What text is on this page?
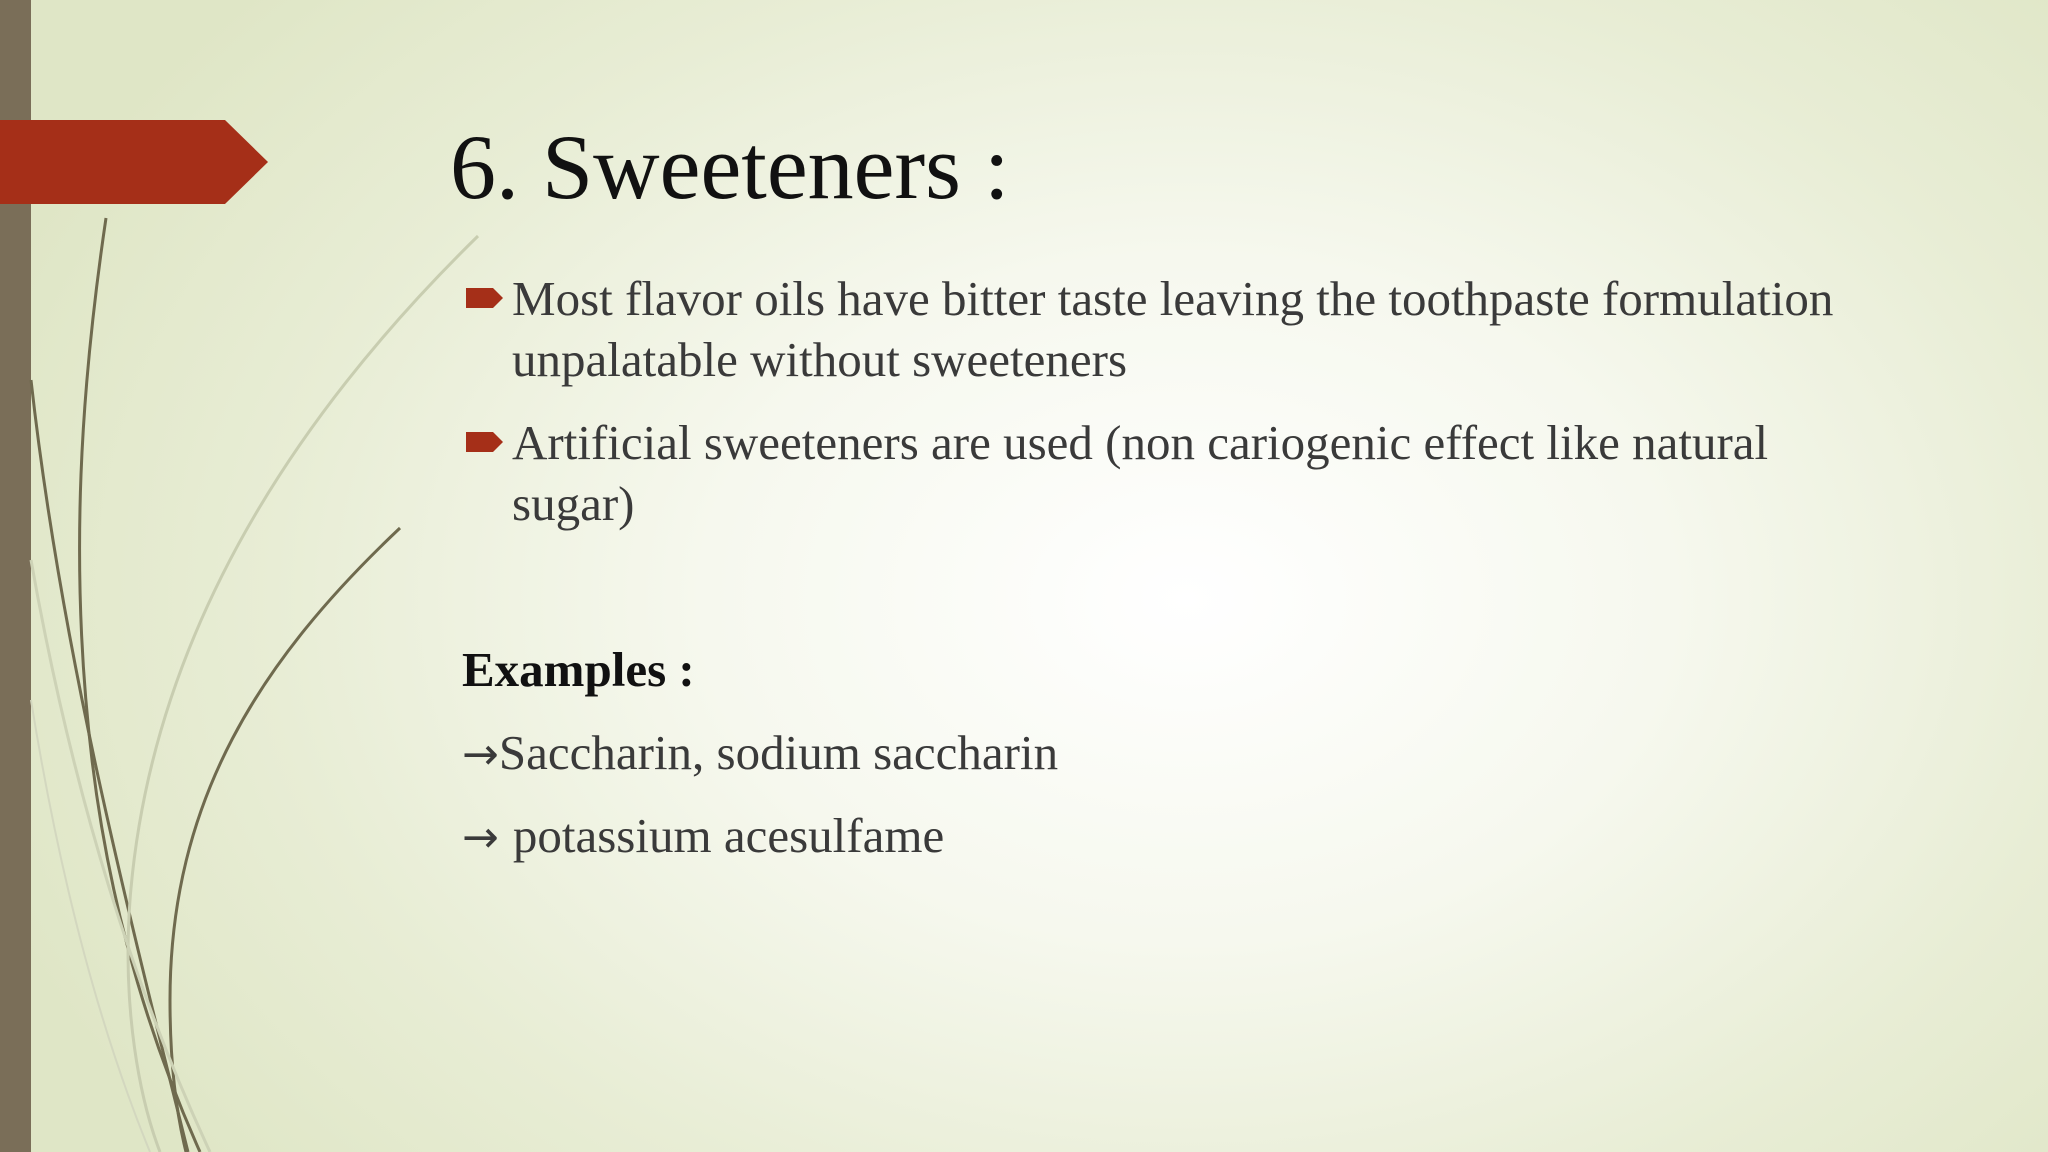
6. Sweeteners :
Most flavor oils have bitter taste leaving the toothpaste formulation unpalatable without sweeteners
Artificial sweeteners are used (non cariogenic effect like natural sugar)
Examples :
→Saccharin, sodium saccharin
→ potassium acesulfame
